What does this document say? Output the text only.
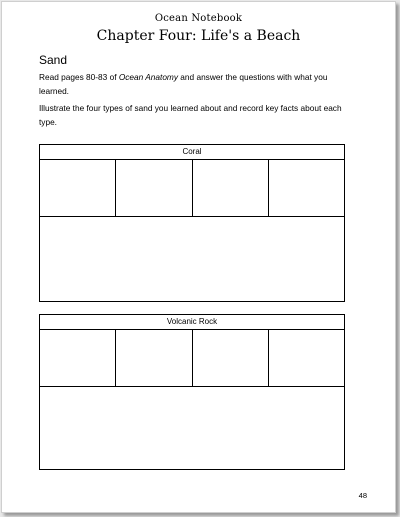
Ocean Notebook
Chapter Four: Life's a Beach
Sand
Read pages 80-83 of Ocean Anatomy and answer the questions with what you learned.
Illustrate the four types of sand you learned about and record key facts about each type.
Coral
Volcanic Rock
48
